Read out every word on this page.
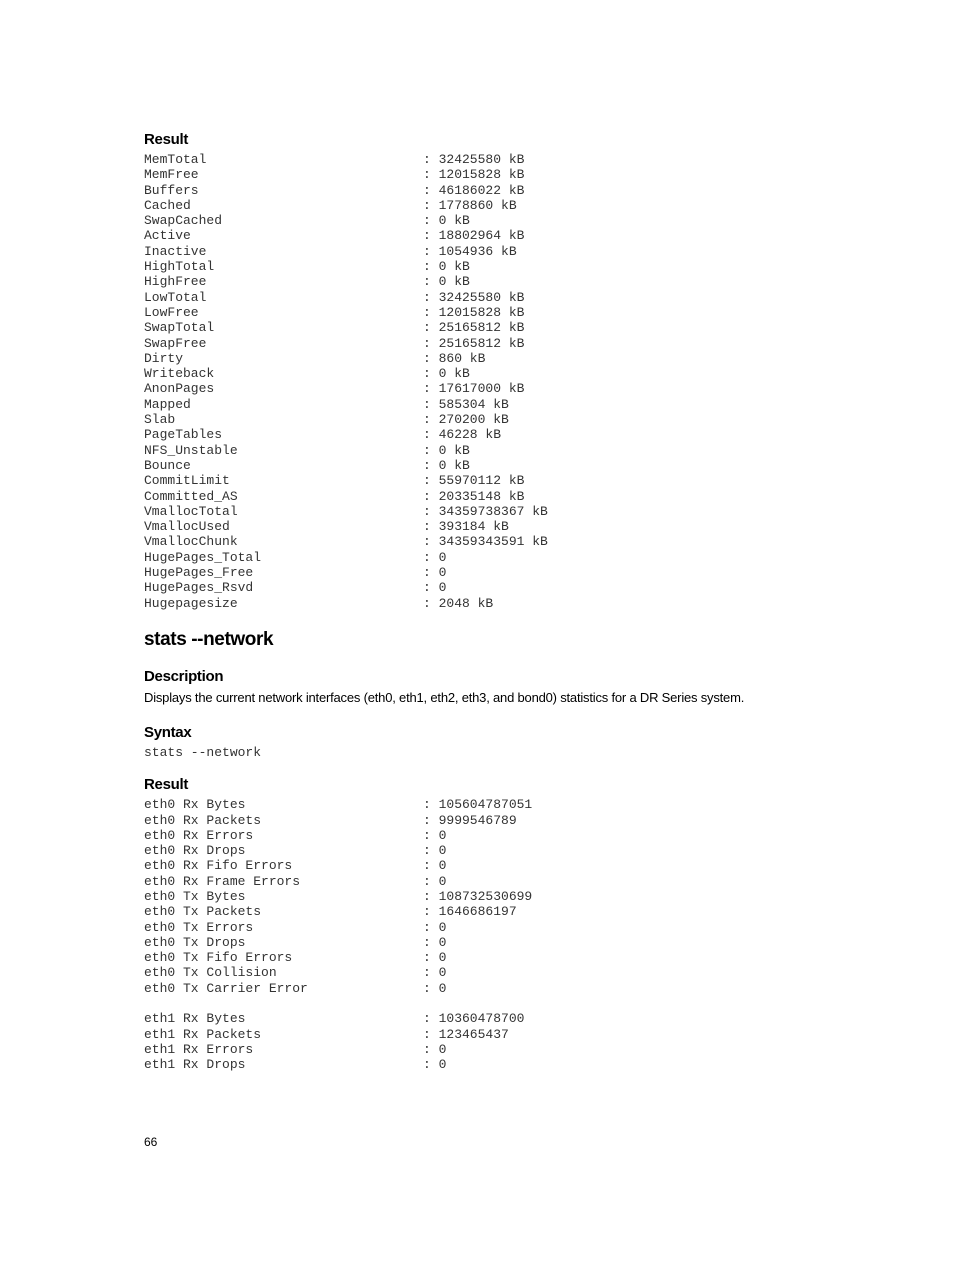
Result
MemTotal	: 32425580 kB
MemFree	: 12015828 kB
Buffers	: 46186022 kB
Cached	: 1778860 kB
SwapCached	: 0 kB
Active	: 18802964 kB
Inactive	: 1054936 kB
HighTotal	: 0 kB
HighFree	: 0 kB
LowTotal	: 32425580 kB
LowFree	: 12015828 kB
SwapTotal	: 25165812 kB
SwapFree	: 25165812 kB
Dirty	: 860 kB
Writeback	: 0 kB
AnonPages	: 17617000 kB
Mapped	: 585304 kB
Slab	: 270200 kB
PageTables	: 46228 kB
NFS_Unstable	: 0 kB
Bounce	: 0 kB
CommitLimit	: 55970112 kB
Committed_AS	: 20335148 kB
VmallocTotal	: 34359738367 kB
VmallocUsed	: 393184 kB
VmallocChunk	: 34359343591 kB
HugePages_Total	: 0
HugePages_Free	: 0
HugePages_Rsvd	: 0
Hugepagesize	: 2048 kB
stats --network
Description
Displays the current network interfaces (eth0, eth1, eth2, eth3, and bond0) statistics for a DR Series system.
Syntax
stats --network
Result
eth0 Rx Bytes	: 105604787051
eth0 Rx Packets	: 9999546789
eth0 Rx Errors	: 0
eth0 Rx Drops	: 0
eth0 Rx Fifo Errors	: 0
eth0 Rx Frame Errors	: 0
eth0 Tx Bytes	: 108732530699
eth0 Tx Packets	: 1646686197
eth0 Tx Errors	: 0
eth0 Tx Drops	: 0
eth0 Tx Fifo Errors	: 0
eth0 Tx Collision	: 0
eth0 Tx Carrier Error	: 0
eth1 Rx Bytes	: 10360478700
eth1 Rx Packets	: 123465437
eth1 Rx Errors	: 0
eth1 Rx Drops	: 0
66
